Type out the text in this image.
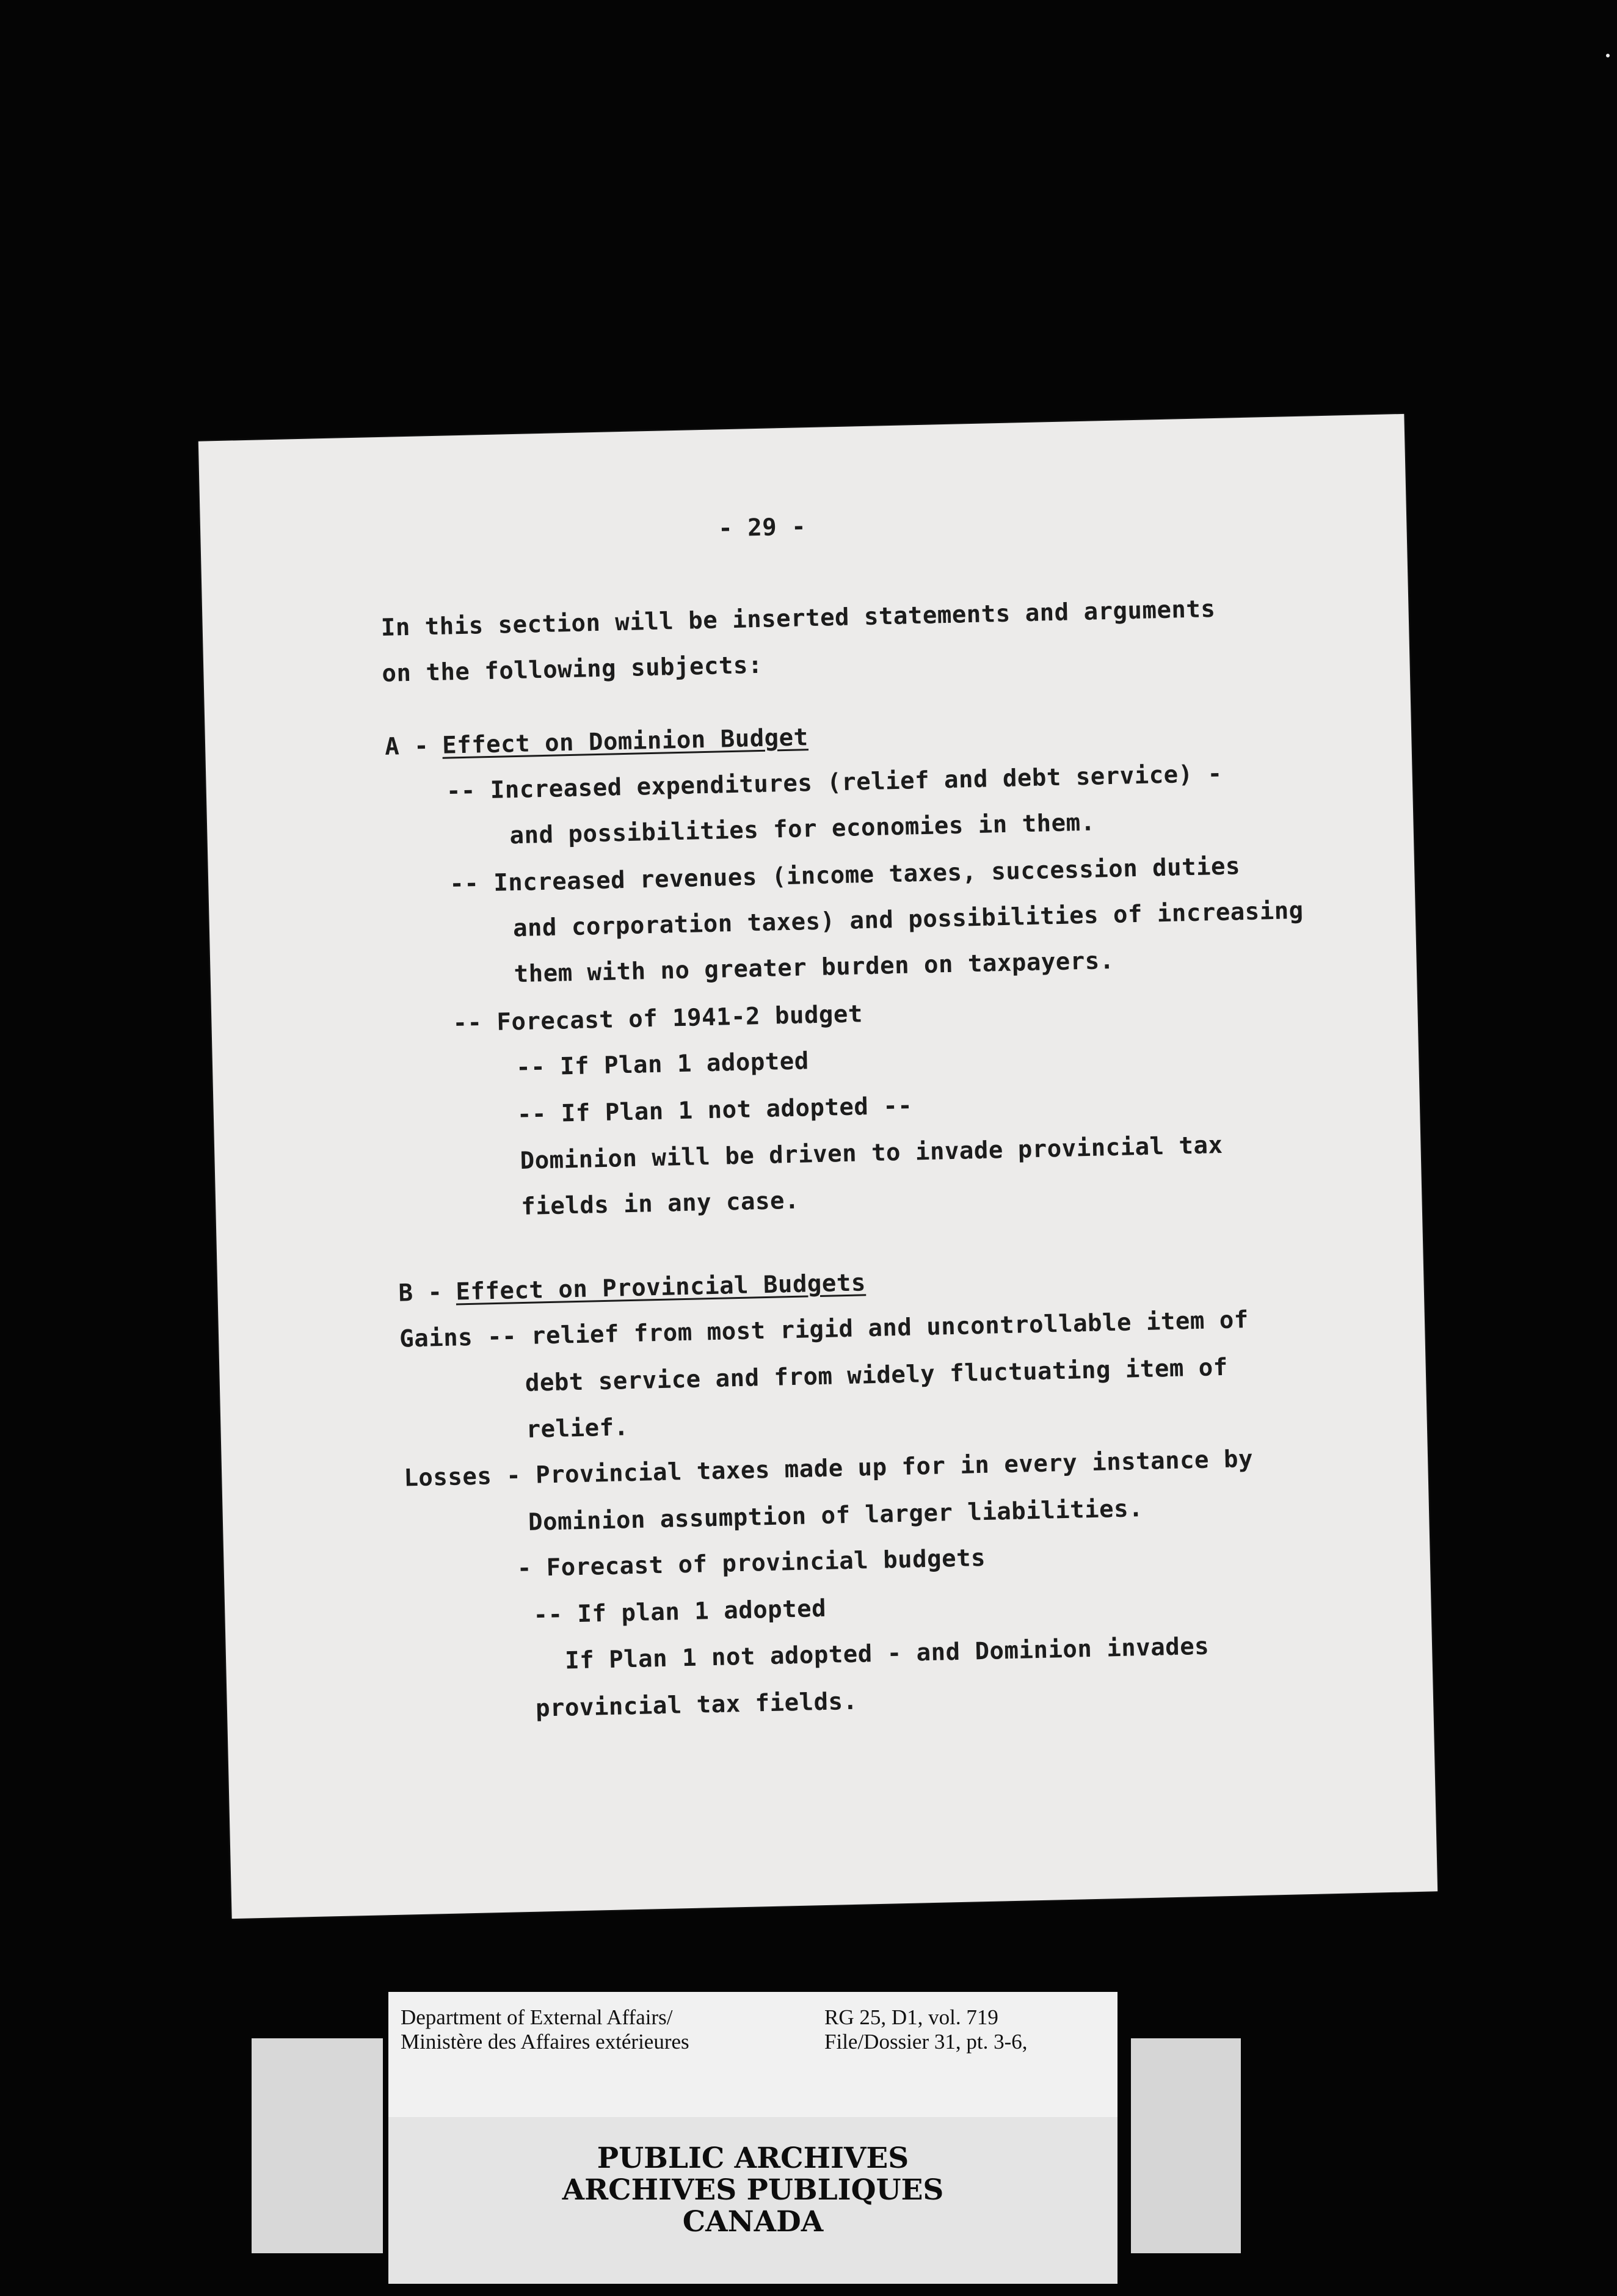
- 29 -

In this section will be inserted statements and arguments

on the following subjects:

A - Effect on Dominion Budget

-- Increased expenditures (relief and debt service) -

and possibilities for economies in them.

-- Increased revenues (income taxes, succession duties

and corporation taxes) and possibilities of increasing

them with no greater burden on taxpayers.

-- Forecast of 1941-2 budget

-- If Plan 1 adopted

-- If Plan 1 not adopted --

Dominion will be driven to invade provincial tax

fields in any case.

B - Effect on Provincial Budgets

Gains -- relief from most rigid and uncontrollable item of

debt service and from widely fluctuating item of

relief.

Losses - Provincial taxes made up for in every instance by

Dominion assumption of larger liabilities.

- Forecast of provincial budgets

-- If plan 1 adopted

If Plan 1 not adopted - and Dominion invades

provincial tax fields.

Department of External Affairs/

Ministère des Affaires extérieures

RG 25, D1, vol. 719

File/Dossier 31, pt. 3-6,

PUBLIC ARCHIVES

ARCHIVES PUBLIQUES

CANADA
